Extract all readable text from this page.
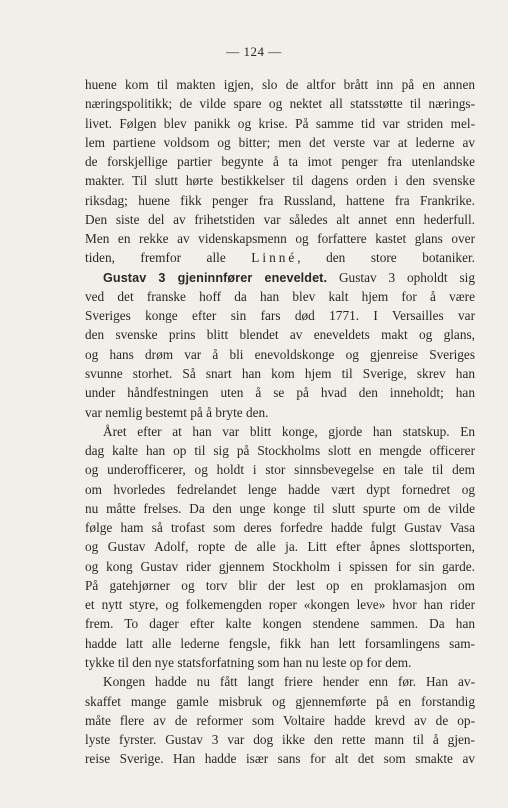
— 124 —
huene kom til makten igjen, slo de altfor brått inn på en annen
næringspolitikk; de vilde spare og nektet all statsstøtte til nærings-
livet. Følgen blev panikk og krise. På samme tid var striden mel-
lem partiene voldsom og bitter; men det verste var at lederne av
de forskjellige partier begynte å ta imot penger fra utenlandske
makter. Til slutt hørte bestikkelser til dagens orden i den svenske
riksdag; huene fikk penger fra Russland, hattene fra Frankrike.
Den siste del av frihetstiden var således alt annet enn hederfull.
Men en rekke av videnskapsmenn og forfattere kastet glans over
tiden, fremfor alle Linné, den store botaniker.
Gustav 3 gjeninnfører eneveldet. Gustav 3 opholdt sig
ved det franske hoff da han blev kalt hjem for å være
Sveriges konge efter sin fars død 1771. I Versailles var
den svenske prins blitt blendet av eneveldets makt og glans,
og hans drøm var å bli enevoldskonge og gjenreise Sveriges
svunne storhet. Så snart han kom hjem til Sverige, skrev han
under håndfestningen uten å se på hvad den inneholdt; han
var nemlig bestemt på å bryte den.
Året efter at han var blitt konge, gjorde han statskup. En
dag kalte han op til sig på Stockholms slott en mengde officerer
og underofficerer, og holdt i stor sinnsbevegelse en tale til dem
om hvorledes fedrelandet lenge hadde vært dypt fornedret og
nu måtte frelses. Da den unge konge til slutt spurte om de vilde
følge ham så trofast som deres forfedre hadde fulgt Gustav Vasa
og Gustav Adolf, ropte de alle ja. Litt efter åpnes slottsporten,
og kong Gustav rider gjennem Stockholm i spissen for sin garde.
På gatehjørner og torv blir der lest op en proklamasjon om
et nytt styre, og folkemengden roper «kongen leve» hvor han rider
frem. To dager efter kalte kongen stendene sammen. Da han
hadde latt alle lederne fengsle, fikk han lett forsamlingens sam-
tykke til den nye statsforfatning som han nu leste op for dem.
Kongen hadde nu fått langt friere hender enn før. Han av-
skaffet mange gamle misbruk og gjennemførte på en forstandig
måte flere av de reformer som Voltaire hadde krevd av de op-
lyste fyrster. Gustav 3 var dog ikke den rette mann til å gjen-
reise Sverige. Han hadde især sans for alt det som smakte av
